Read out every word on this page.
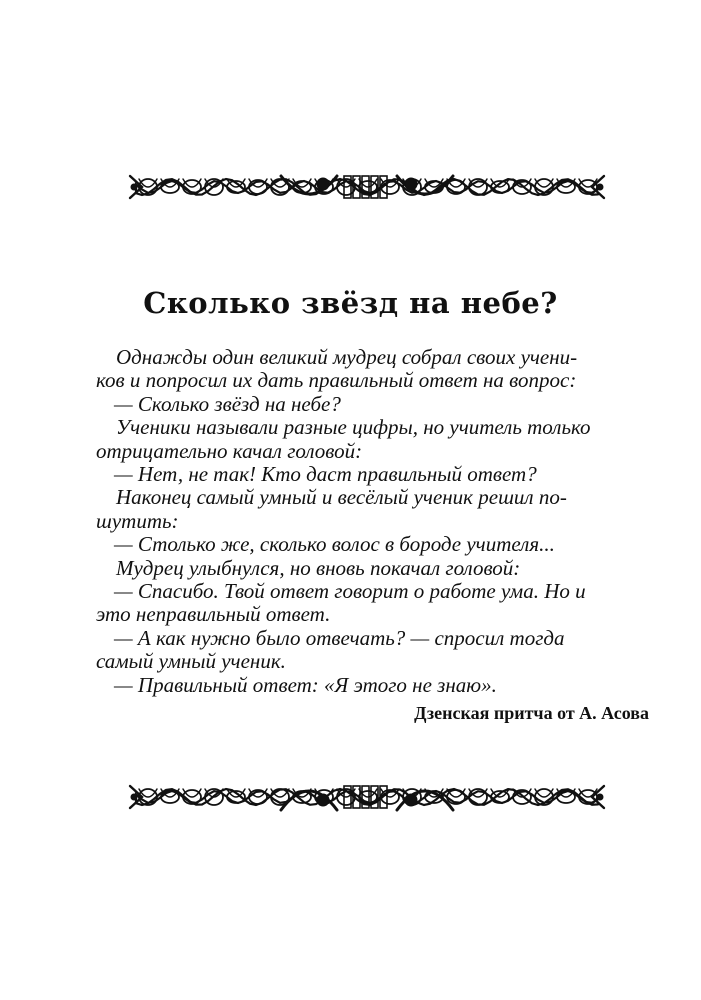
Сколько звёзд на небе?
Однажды один великий мудрец собрал своих учени-
ков и попросил их дать правильный ответ на вопрос:
— Сколько звёзд на небе?
Ученики называли разные цифры, но учитель только
отрицательно качал головой:
— Нет, не так! Кто даст правильный ответ?
Наконец самый умный и весёлый ученик решил по-
шутить:
— Столько же, сколько волос в бороде учителя...
Мудрец улыбнулся, но вновь покачал головой:
— Спасибо. Твой ответ говорит о работе ума. Но и
это неправильный ответ.
— А как нужно было отвечать? — спросил тогда
самый умный ученик.
— Правильный ответ: «Я этого не знаю».
Дзенская притча от А. Асова
